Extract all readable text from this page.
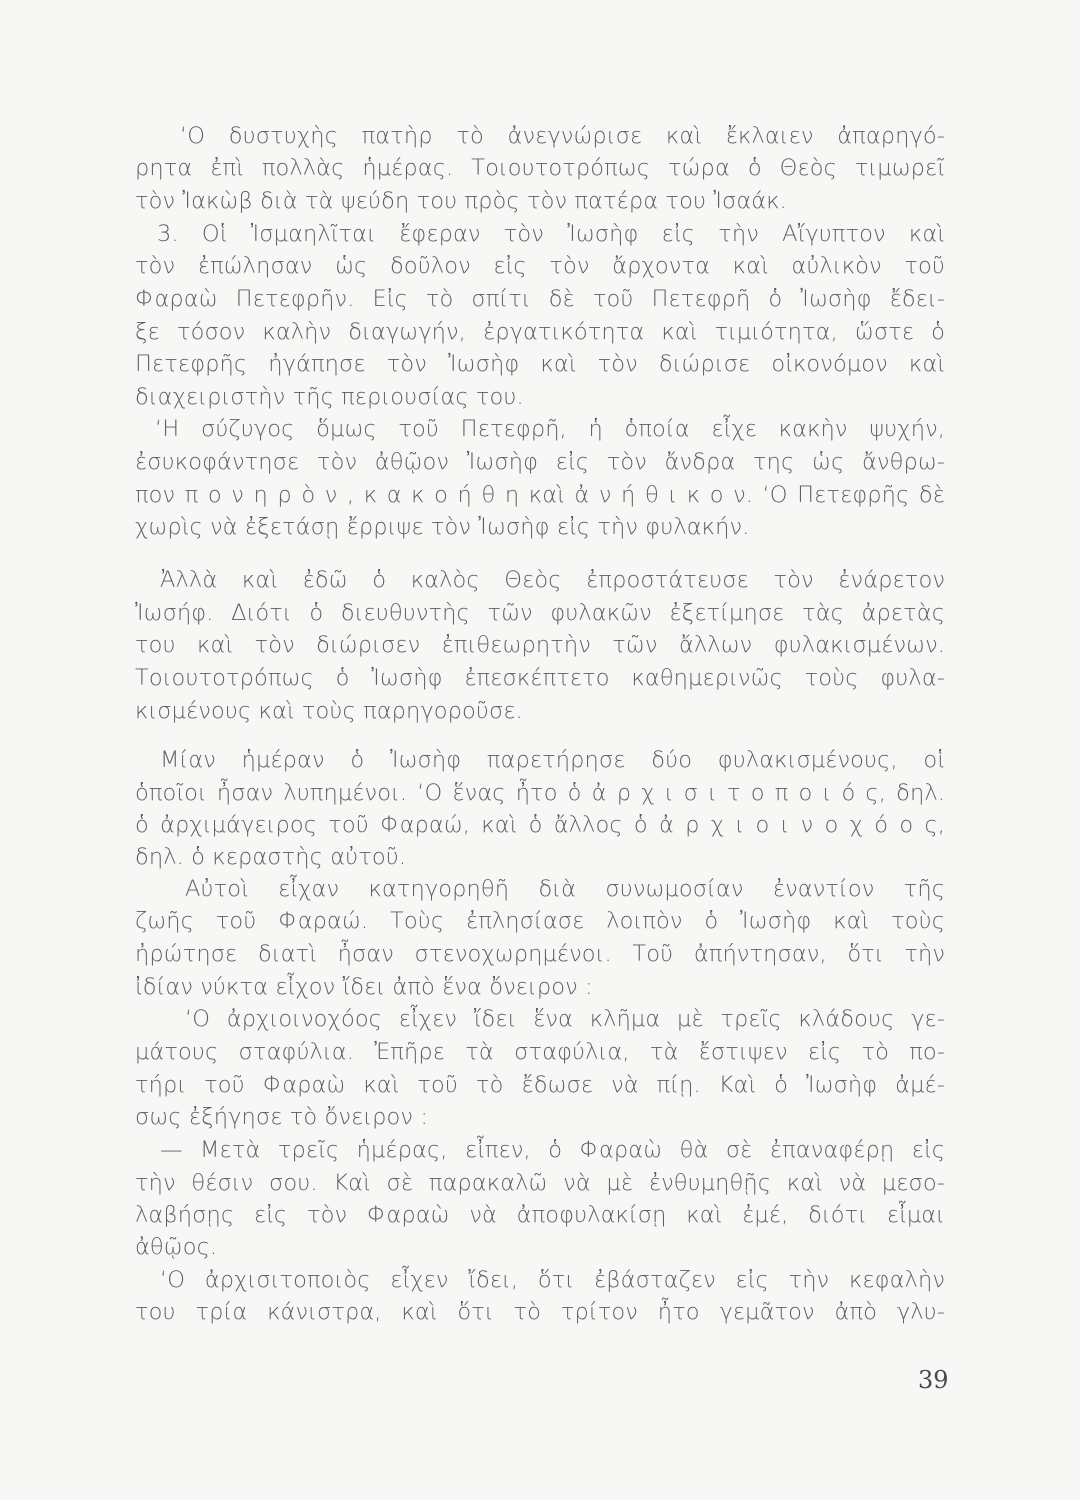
‘Ο δυστυχὴς πατὴρ τὸ ἀνεγνώρισε καὶ ἔκλαιεν ἀπαρηγό-
ρητα ἐπὶ πολλὰς ἡμέρας. Τοιουτοτρόπως τώρα ὁ Θεὸς τιμωρεῖ
τὸν Ἰακὼβ διὰ τὰ ψεύδη του πρὸς τὸν πατέρα του Ἰσαάκ.
3. Οἱ Ἰσμαηλῖται ἔφεραν τὸν Ἰωσὴφ εἰς τὴν Αἴγυπτον καὶ
τὸν ἐπώλησαν ὡς δοῦλον εἰς τὸν ἄρχοντα καὶ αὐλικὸν τοῦ
Φαραὼ Πετεφρῆν. Εἰς τὸ σπίτι δὲ τοῦ Πετεφρῆ ὁ Ἰωσὴφ ἔδει-
ξε τόσον καλὴν διαγωγήν, ἐργατικότητα καὶ τιμιότητα, ὥστε ὁ
Πετεφρῆς ἠγάπησε τὸν Ἰωσὴφ καὶ τὸν διώρισε οἰκονόμον καὶ
διαχειριστὴν τῆς περιουσίας του.
‘Η σύζυγος ὅμως τοῦ Πετεφρῆ, ἡ ὁποία εἶχε κακὴν ψυχήν,
ἐσυκοφάντησε τὸν ἀθῷον Ἰωσὴφ εἰς τὸν ἄνδρα της ὡς ἄνθρω-
πον π ο ν η ρ ὸ ν , κ α κ ο ή θ η καὶ ἀ ν ή θ ι κ ο ν. ‘Ο Πετεφρῆς δὲ
χωρὶς νὰ ἐξετάσῃ ἔρριψε τὸν Ἰωσὴφ εἰς τὴν φυλακήν.
Ἀλλὰ καὶ ἐδῶ ὁ καλὸς Θεὸς ἐπροστάτευσε τὸν ἐνάρετον
Ἰωσήφ. Διότι ὁ διευθυντὴς τῶν φυλακῶν ἐξετίμησε τὰς ἀρετὰς
του καὶ τὸν διώρισεν ἐπιθεωρητὴν τῶν ἄλλων φυλακισμένων.
Τοιουτοτρόπως ὁ Ἰωσὴφ ἐπεσκέπτετο καθημερινῶς τοὺς φυλα-
κισμένους καὶ τοὺς παρηγοροῦσε.
Μίαν ἡμέραν ὁ Ἰωσὴφ παρετήρησε δύο φυλακισμένους, οἱ
ὁποῖοι ἦσαν λυπημένοι. ‘Ο ἕνας ἦτο ὁ ἀ ρ χ ι σ ι τ ο π ο ι ό ς, δηλ.
ὁ ἀρχιμάγειρος τοῦ Φαραώ, καὶ ὁ ἄλλος ὁ ἀ ρ χ ι ο ι ν ο χ ό ο ς,
δηλ. ὁ κεραστὴς αὐτοῦ.
Αὐτοὶ εἶχαν κατηγορηθῆ διὰ συνωμοσίαν ἐναντίον τῆς
ζωῆς τοῦ Φαραώ. Τοὺς ἐπλησίασε λοιπὸν ὁ Ἰωσὴφ καὶ τοὺς
ἠρώτησε διατὶ ἦσαν στενοχωρημένοι. Τοῦ ἀπήντησαν, ὅτι τὴν
ἰδίαν νύκτα εἶχον ἴδει ἀπὸ ἕνα ὄνειρον :
‘Ο ἀρχιοινοχόος εἶχεν ἴδει ἕνα κλῆμα μὲ τρεῖς κλάδους γε-
μάτους σταφύλια. Ἐπῆρε τὰ σταφύλια, τὰ ἔστιψεν εἰς τὸ πο-
τήρι τοῦ Φαραὼ καὶ τοῦ τὸ ἔδωσε νὰ πίῃ. Καὶ ὁ Ἰωσὴφ ἀμέ-
σως ἐξήγησε τὸ ὄνειρον :
— Μετὰ τρεῖς ἡμέρας, εἶπεν, ὁ Φαραὼ θὰ σὲ ἐπαναφέρῃ εἰς
τὴν θέσιν σου. Καὶ σὲ παρακαλῶ νὰ μὲ ἐνθυμηθῇς καὶ νὰ μεσο-
λαβήσῃς εἰς τὸν Φαραὼ νὰ ἀποφυλακίσῃ καὶ ἐμέ, διότι εἶμαι
ἀθῷος.
‘Ο ἀρχισιτοποιὸς εἶχεν ἴδει, ὅτι ἐβάσταζεν εἰς τὴν κεφαλὴν
του τρία κάνιστρα, καὶ ὅτι τὸ τρίτον ἦτο γεμᾶτον ἀπὸ γλυ-
39
